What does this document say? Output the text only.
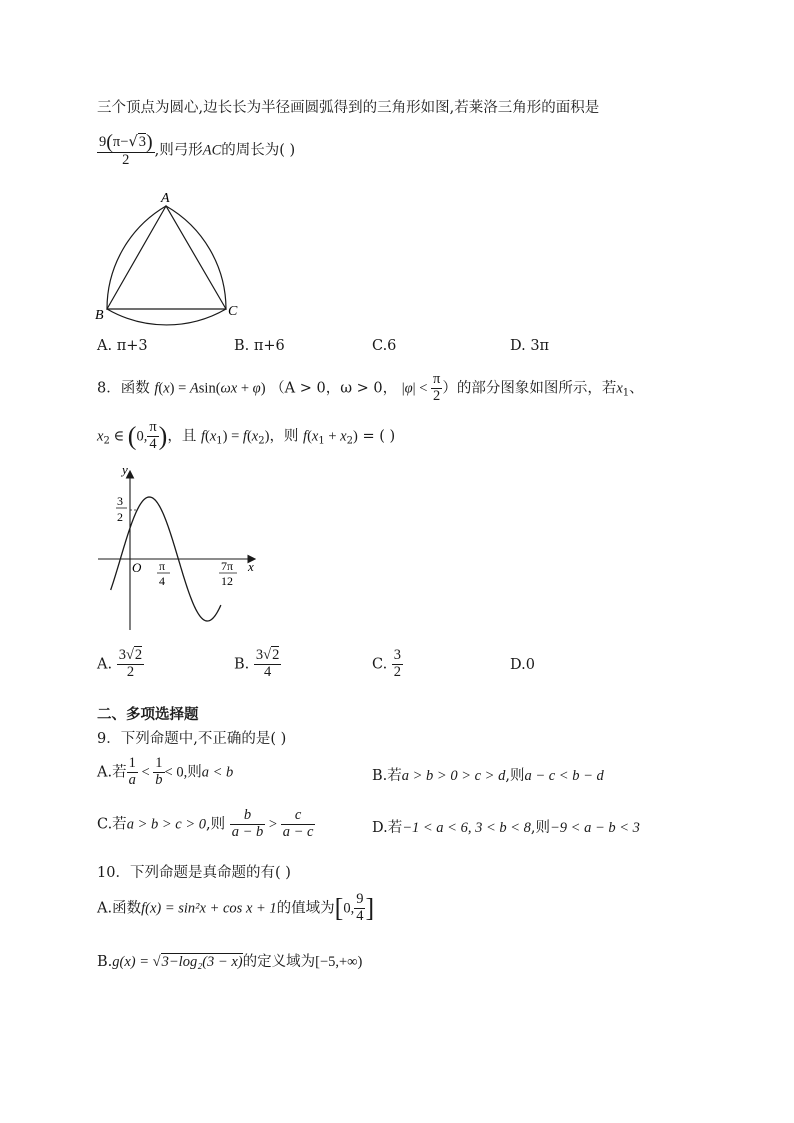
三个顶点为圆心,边长长为半径画圆弧得到的三角形如图,若莱洛三角形的面积是
$\frac{9(\pi-√3)}{2}$ ,则弓形AC的周长为( )
A
B	C
A. π+3	B. π+6	C.6	D. 3π
8．函数 f(x) = Asin(ωx + φ) （A > 0，ω > 0， $|\varphi| < \frac{\pi}{2}$ ）的部分图象如图所示，若$x_1$、
$x_2$ ∈ (0, $\frac{\pi}{4}$ )，且 $f(x_1) = f(x_2)$，则 $f(x_1 + x_2)$ = ( )
y
x
O
3
2
π
4
7π
12
A. $\frac{3√2}{2}$	B. $\frac{3√2}{4}$	C. $\frac{3}{2}$	D.0
二、多项选择题
9．下列命题中,不正确的是( )
A.若 $\frac{1}{a} < \frac{1}{b} < 0$,则a < b	B.若a > b > 0 > c > d,则a − c < b − d
C.若a > b > c > 0,则 $\frac{b}{a - b} > \frac{c}{a - c}$	D.若−1 < a < 6, 3 < b < 8,则−9 < a − b < 3
10．下列命题是真命题的有( )
A.函数f(x) = sin²x + cos x + 1的值域为[0, $\frac{9}{4}$ ]
B.g(x) = √3−log₂(3 − x)的定义域为[−5,+∞)
